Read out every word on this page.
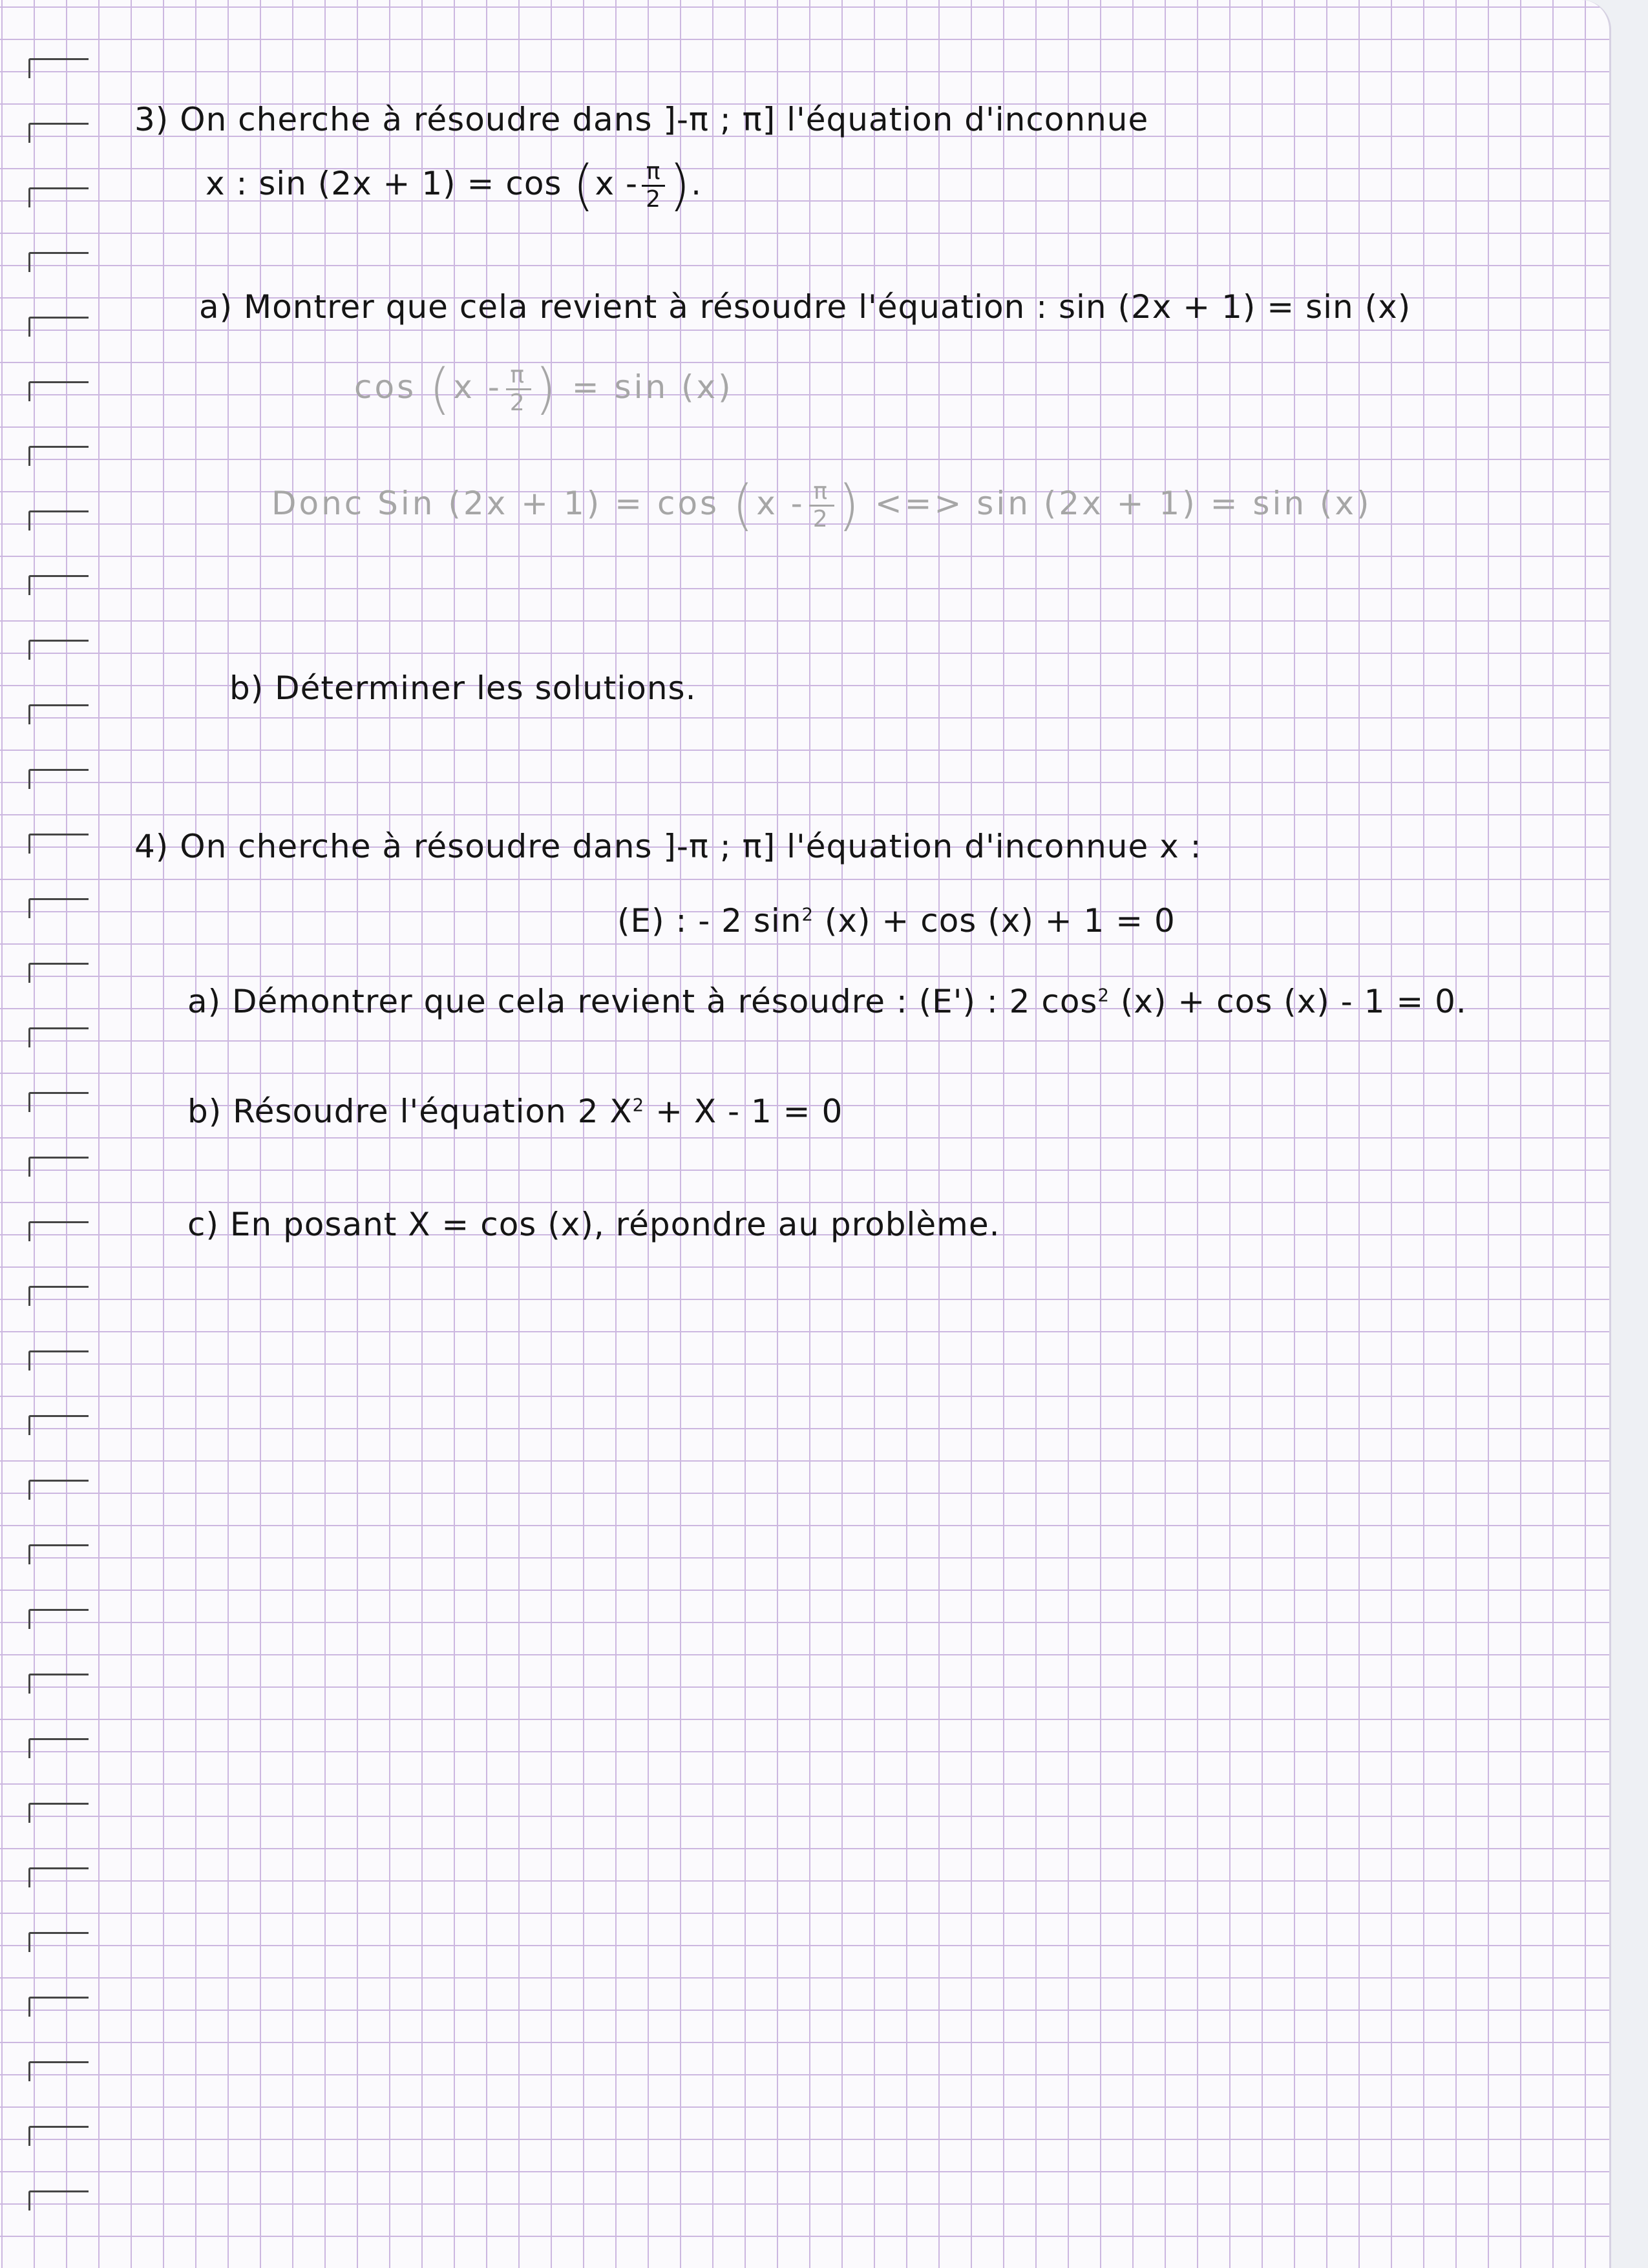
3) On cherche à résoudre dans ]-π ; π] l'équation d'inconnue
x : $\sin (2x + 1) = \cos (x - \frac{\pi}{2}$ ).
a) Montrer que cela revient à résoudre l'équation : sin (2x + 1) = sin (x)
$\cos (x - \frac{\pi}{2}$ ) = sin (x)
Donc Sin $(2x + 1) = \cos (x - \frac{\pi}{2}$ ) <=> sin (2x + 1) = sin (x)
b) Déterminer les solutions.
4) On cherche à résoudre dans ]-π ; π] l'équation d'inconnue x :
(E) : - 2 $\sin^2 (x) + \cos (x) + 1 = 0$
a) Démontrer que cela revient à résoudre : (E') : 2 $\cos^2 (x) + \cos (x) - 1 = 0$.
b) Résoudre l'équation 2 $X^2 + X - 1 = 0$
c) En posant X = cos (x), répondre au problème.
